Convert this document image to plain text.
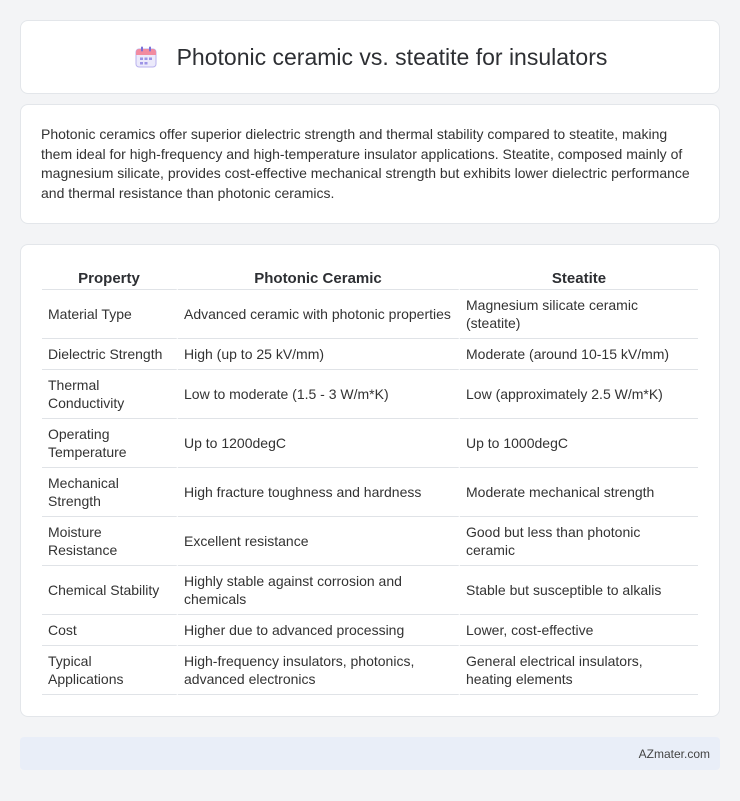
Photonic ceramic vs. steatite for insulators

Photonic ceramics offer superior dielectric strength and thermal stability compared to steatite, making them ideal for high-frequency and high-temperature insulator applications. Steatite, composed mainly of magnesium silicate, provides cost-effective mechanical strength but exhibits lower dielectric performance and thermal resistance than photonic ceramics.

Property	Photonic Ceramic	Steatite
Material Type	Advanced ceramic with photonic properties	Magnesium silicate ceramic (steatite)
Dielectric Strength	High (up to 25 kV/mm)	Moderate (around 10-15 kV/mm)
Thermal Conductivity	Low to moderate (1.5 - 3 W/m*K)	Low (approximately 2.5 W/m*K)
Operating Temperature	Up to 1200degC	Up to 1000degC
Mechanical Strength	High fracture toughness and hardness	Moderate mechanical strength
Moisture Resistance	Excellent resistance	Good but less than photonic ceramic
Chemical Stability	Highly stable against corrosion and chemicals	Stable but susceptible to alkalis
Cost	Higher due to advanced processing	Lower, cost-effective
Typical Applications	High-frequency insulators, photonics, advanced electronics	General electrical insulators, heating elements
AZmater.com
